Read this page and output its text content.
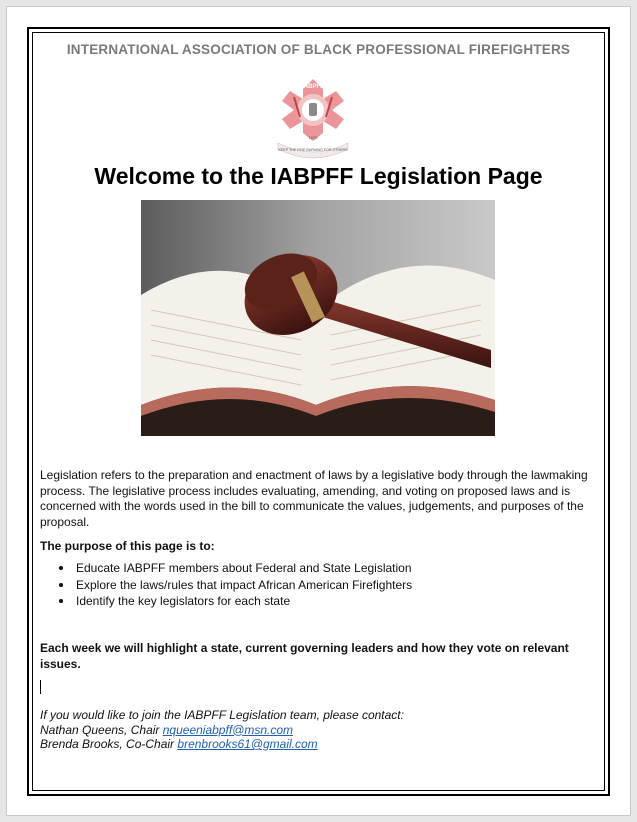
INTERNATIONAL ASSOCIATION OF BLACK PROFESSIONAL FIREFIGHTERS
IABPFF
1970
KEEP THE FIRE BURNING FOR OTHERS
Welcome to the IABPFF Legislation Page
Legislation refers to the preparation and enactment of laws by a legislative body through the lawmaking process. The legislative process includes evaluating, amending, and voting on proposed laws and is concerned with the words used in the bill to communicate the values, judgements, and purposes of the proposal.
The purpose of this page is to:
Educate IABPFF members about Federal and State Legislation
Explore the laws/rules that impact African American Firefighters
Identify the key legislators for each state
Each week we will highlight a state, current governing leaders and how they vote on relevant issues.
If you would like to join the IABPFF Legislation team, please contact:
Nathan Queens, Chair nqueeniabpff@msn.com
Brenda Brooks, Co-Chair brenbrooks61@gmail.com
